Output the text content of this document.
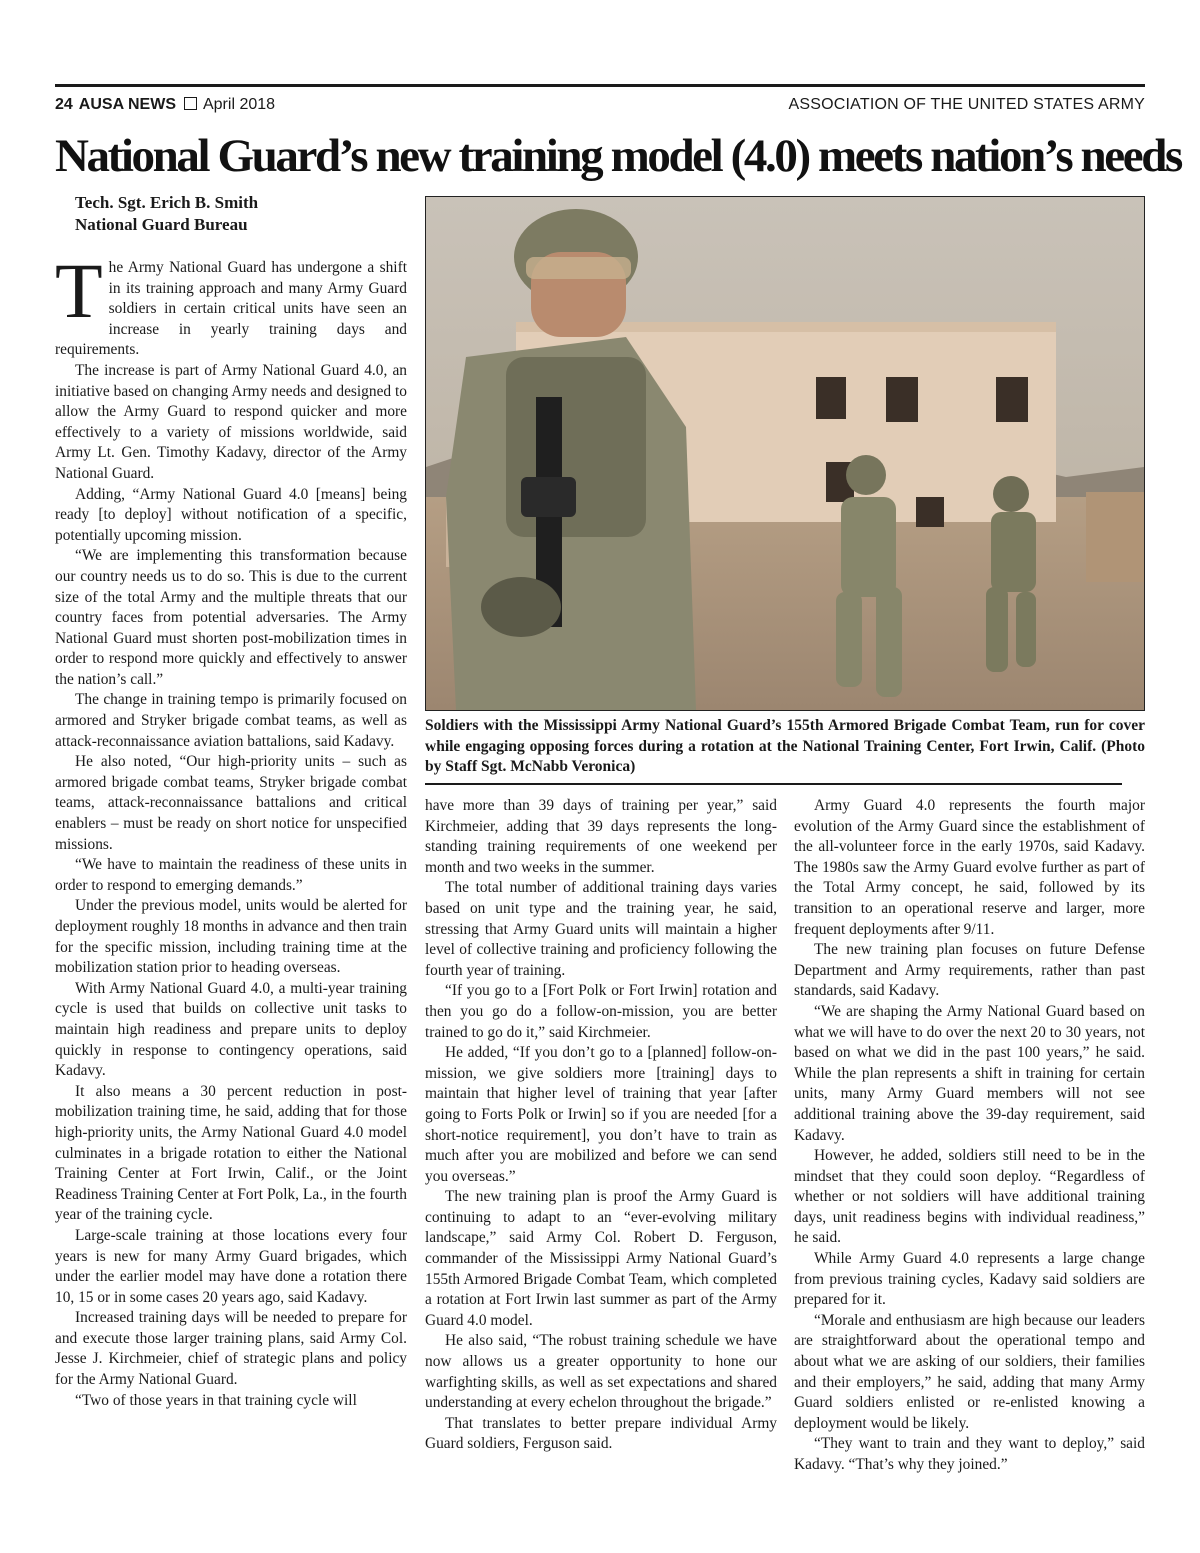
24 AUSA NEWS April 2018	ASSOCIATION OF THE UNITED STATES ARMY
National Guard’s new training model (4.0) meets nation’s needs
Tech. Sgt. Erich B. Smith
National Guard Bureau

The Army National Guard has undergone a shift in its training approach and many Army Guard soldiers in certain critical units have seen an increase in yearly training days and requirements.

The increase is part of Army National Guard 4.0, an initiative based on changing Army needs and designed to allow the Army Guard to respond quicker and more effectively to a variety of missions worldwide, said Army Lt. Gen. Timothy Kadavy, director of the Army National Guard.

Adding, “Army National Guard 4.0 [means] being ready [to deploy] without notification of a specific, potentially upcoming mission.

“We are implementing this transformation because our country needs us to do so. This is due to the current size of the total Army and the multiple threats that our country faces from potential adversaries. The Army National Guard must shorten post-mobilization times in order to respond more quickly and effectively to answer the nation’s call.”

The change in training tempo is primarily focused on armored and Stryker brigade combat teams, as well as attack-reconnaissance aviation battalions, said Kadavy.

He also noted, “Our high-priority units – such as armored brigade combat teams, Stryker brigade combat teams, attack-reconnaissance battalions and critical enablers – must be ready on short notice for unspecified missions.

“We have to maintain the readiness of these units in order to respond to emerging demands.”

Under the previous model, units would be alerted for deployment roughly 18 months in advance and then train for the specific mission, including training time at the mobilization station prior to heading overseas.

With Army National Guard 4.0, a multi-year training cycle is used that builds on collective unit tasks to maintain high readiness and prepare units to deploy quickly in response to contingency operations, said Kadavy.

It also means a 30 percent reduction in post-mobilization training time, he said, adding that for those high-priority units, the Army National Guard 4.0 model culminates in a brigade rotation to either the National Training Center at Fort Irwin, Calif., or the Joint Readiness Training Center at Fort Polk, La., in the fourth year of the training cycle.

Large-scale training at those locations every four years is new for many Army Guard brigades, which under the earlier model may have done a rotation there 10, 15 or in some cases 20 years ago, said Kadavy.

Increased training days will be needed to prepare for and execute those larger training plans, said Army Col. Jesse J. Kirchmeier, chief of strategic plans and policy for the Army National Guard.

“Two of those years in that training cycle will

Soldiers with the Mississippi Army National Guard’s 155th Armored Brigade Combat Team, run for cover while engaging opposing forces during a rotation at the National Training Center, Fort Irwin, Calif. (Photo by Staff Sgt. McNabb Veronica)

have more than 39 days of training per year,” said Kirchmeier, adding that 39 days represents the long-standing training requirements of one weekend per month and two weeks in the summer.

The total number of additional training days varies based on unit type and the training year, he said, stressing that Army Guard units will maintain a higher level of collective training and proficiency following the fourth year of training.

“If you go to a [Fort Polk or Fort Irwin] rotation and then you go do a follow-on-mission, you are better trained to go do it,” said Kirchmeier.

He added, “If you don’t go to a [planned] follow-on-mission, we give soldiers more [training] days to maintain that higher level of training that year [after going to Forts Polk or Irwin] so if you are needed [for a short-notice requirement], you don’t have to train as much after you are mobilized and before we can send you overseas.”

The new training plan is proof the Army Guard is continuing to adapt to an “ever-evolving military landscape,” said Army Col. Robert D. Ferguson, commander of the Mississippi Army National Guard’s 155th Armored Brigade Combat Team, which completed a rotation at Fort Irwin last summer as part of the Army Guard 4.0 model.

He also said, “The robust training schedule we have now allows us a greater opportunity to hone our warfighting skills, as well as set expectations and shared understanding at every echelon throughout the brigade.”

That translates to better prepare individual Army Guard soldiers, Ferguson said.

Army Guard 4.0 represents the fourth major evolution of the Army Guard since the establishment of the all-volunteer force in the early 1970s, said Kadavy. The 1980s saw the Army Guard evolve further as part of the Total Army concept, he said, followed by its transition to an operational reserve and larger, more frequent deployments after 9/11.

The new training plan focuses on future Defense Department and Army requirements, rather than past standards, said Kadavy.

“We are shaping the Army National Guard based on what we will have to do over the next 20 to 30 years, not based on what we did in the past 100 years,” he said. While the plan represents a shift in training for certain units, many Army Guard members will not see additional training above the 39-day requirement, said Kadavy.

However, he added, soldiers still need to be in the mindset that they could soon deploy. “Regardless of whether or not soldiers will have additional training days, unit readiness begins with individual readiness,” he said.

While Army Guard 4.0 represents a large change from previous training cycles, Kadavy said soldiers are prepared for it.

“Morale and enthusiasm are high because our leaders are straightforward about the operational tempo and about what we are asking of our soldiers, their families and their employers,” he said, adding that many Army Guard soldiers enlisted or re-enlisted knowing a deployment would be likely.

“They want to train and they want to deploy,” said Kadavy. “That’s why they joined.”
